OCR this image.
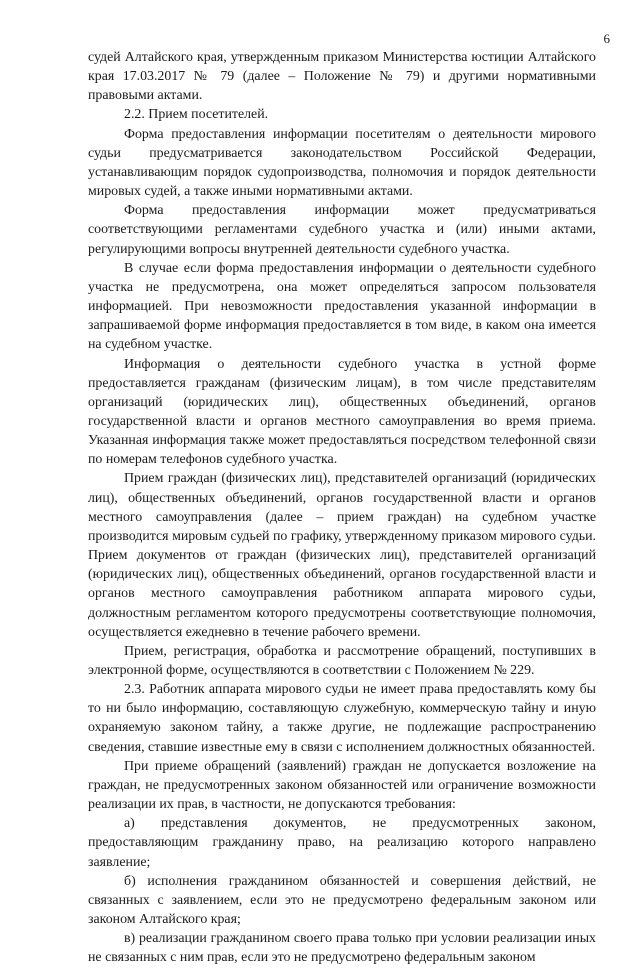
6

судей Алтайского края, утвержденным приказом Министерства юстиции Алтайского края 17.03.2017 № 79 (далее – Положение № 79) и другими нормативными правовыми актами.

2.2. Прием посетителей.

Форма предоставления информации посетителям о деятельности мирового судьи предусматривается законодательством Российской Федерации, устанавливающим порядок судопроизводства, полномочия и порядок деятельности мировых судей, а также иными нормативными актами.

Форма предоставления информации может предусматриваться соответствующими регламентами судебного участка и (или) иными актами, регулирующими вопросы внутренней деятельности судебного участка.

В случае если форма предоставления информации о деятельности судебного участка не предусмотрена, она может определяться запросом пользователя информацией. При невозможности предоставления указанной информации в запрашиваемой форме информация предоставляется в том виде, в каком она имеется на судебном участке.

Информация о деятельности судебного участка в устной форме предоставляется гражданам (физическим лицам), в том числе представителям организаций (юридических лиц), общественных объединений, органов государственной власти и органов местного самоуправления во время приема. Указанная информация также может предоставляться посредством телефонной связи по номерам телефонов судебного участка.

Прием граждан (физических лиц), представителей организаций (юридических лиц), общественных объединений, органов государственной власти и органов местного самоуправления (далее – прием граждан) на судебном участке производится мировым судьей по графику, утвержденному приказом мирового судьи. Прием документов от граждан (физических лиц), представителей организаций (юридических лиц), общественных объединений, органов государственной власти и органов местного самоуправления работником аппарата мирового судьи, должностным регламентом которого предусмотрены соответствующие полномочия, осуществляется ежедневно в течение рабочего времени.

Прием, регистрация, обработка и рассмотрение обращений, поступивших в электронной форме, осуществляются в соответствии с Положением № 229.

2.3. Работник аппарата мирового судьи не имеет права предоставлять кому бы то ни было информацию, составляющую служебную, коммерческую тайну и иную охраняемую законом тайну, а также другие, не подлежащие распространению сведения, ставшие известные ему в связи с исполнением должностных обязанностей.

При приеме обращений (заявлений) граждан не допускается возложение на граждан, не предусмотренных законом обязанностей или ограничение возможности реализации их прав, в частности, не допускаются требования:

а) представления документов, не предусмотренных законом, предоставляющим гражданину право, на реализацию которого направлено заявление;

б) исполнения гражданином обязанностей и совершения действий, не связанных с заявлением, если это не предусмотрено федеральным законом или законом Алтайского края;

в) реализации гражданином своего права только при условии реализации иных не связанных с ним прав, если это не предусмотрено федеральным законом
